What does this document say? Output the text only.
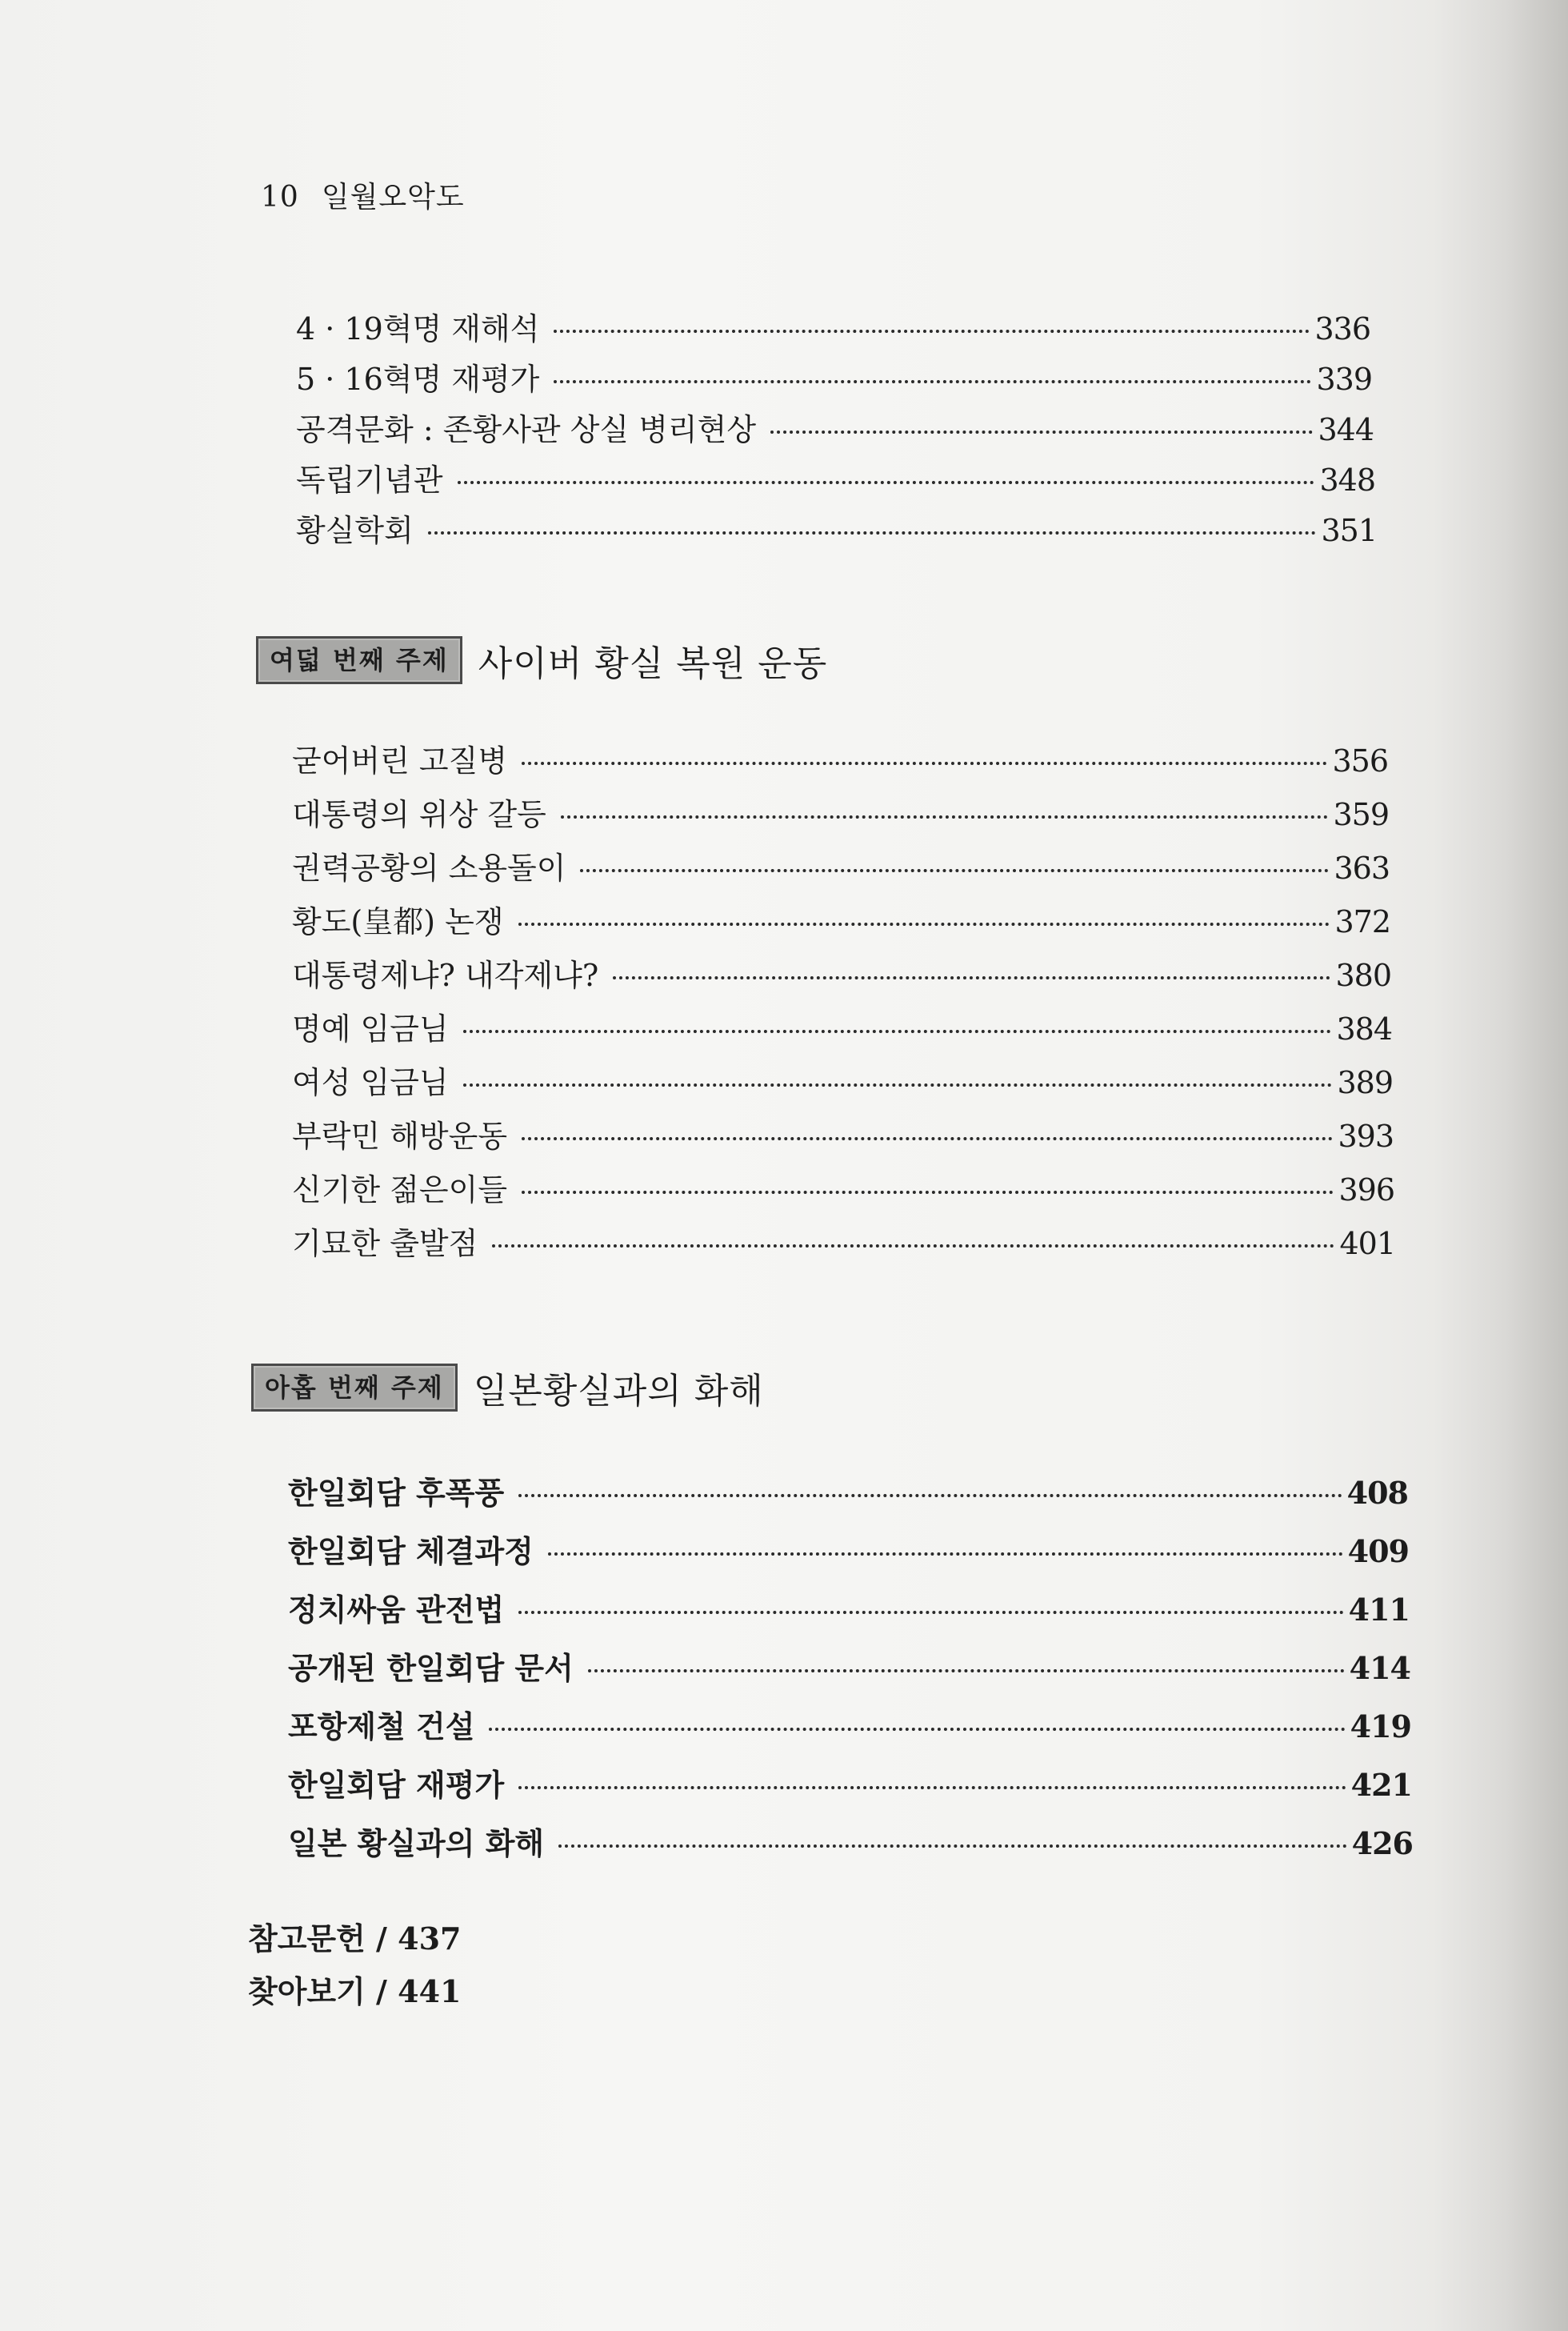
10 일월오악도
4 · 19혁명 재해석	336
5 · 16혁명 재평가	339
공격문화 : 존황사관 상실 병리현상	344
독립기념관	348
황실학회	351
여덟 번째 주제 사이버 황실 복원 운동
굳어버린 고질병	356
대통령의 위상 갈등	359
권력공황의 소용돌이	363
황도(皇都) 논쟁	372
대통령제냐? 내각제냐?	380
명예 임금님	384
여성 임금님	389
부락민 해방운동	393
신기한 젊은이들	396
기묘한 출발점	401
아홉 번째 주제 일본황실과의 화해
한일회담 후폭풍	408
한일회담 체결과정	409
정치싸움 관전법	411
공개된 한일회담 문서	414
포항제철 건설	419
한일회담 재평가	421
일본 황실과의 화해	426
참고문헌 / 437
찾아보기 / 441
